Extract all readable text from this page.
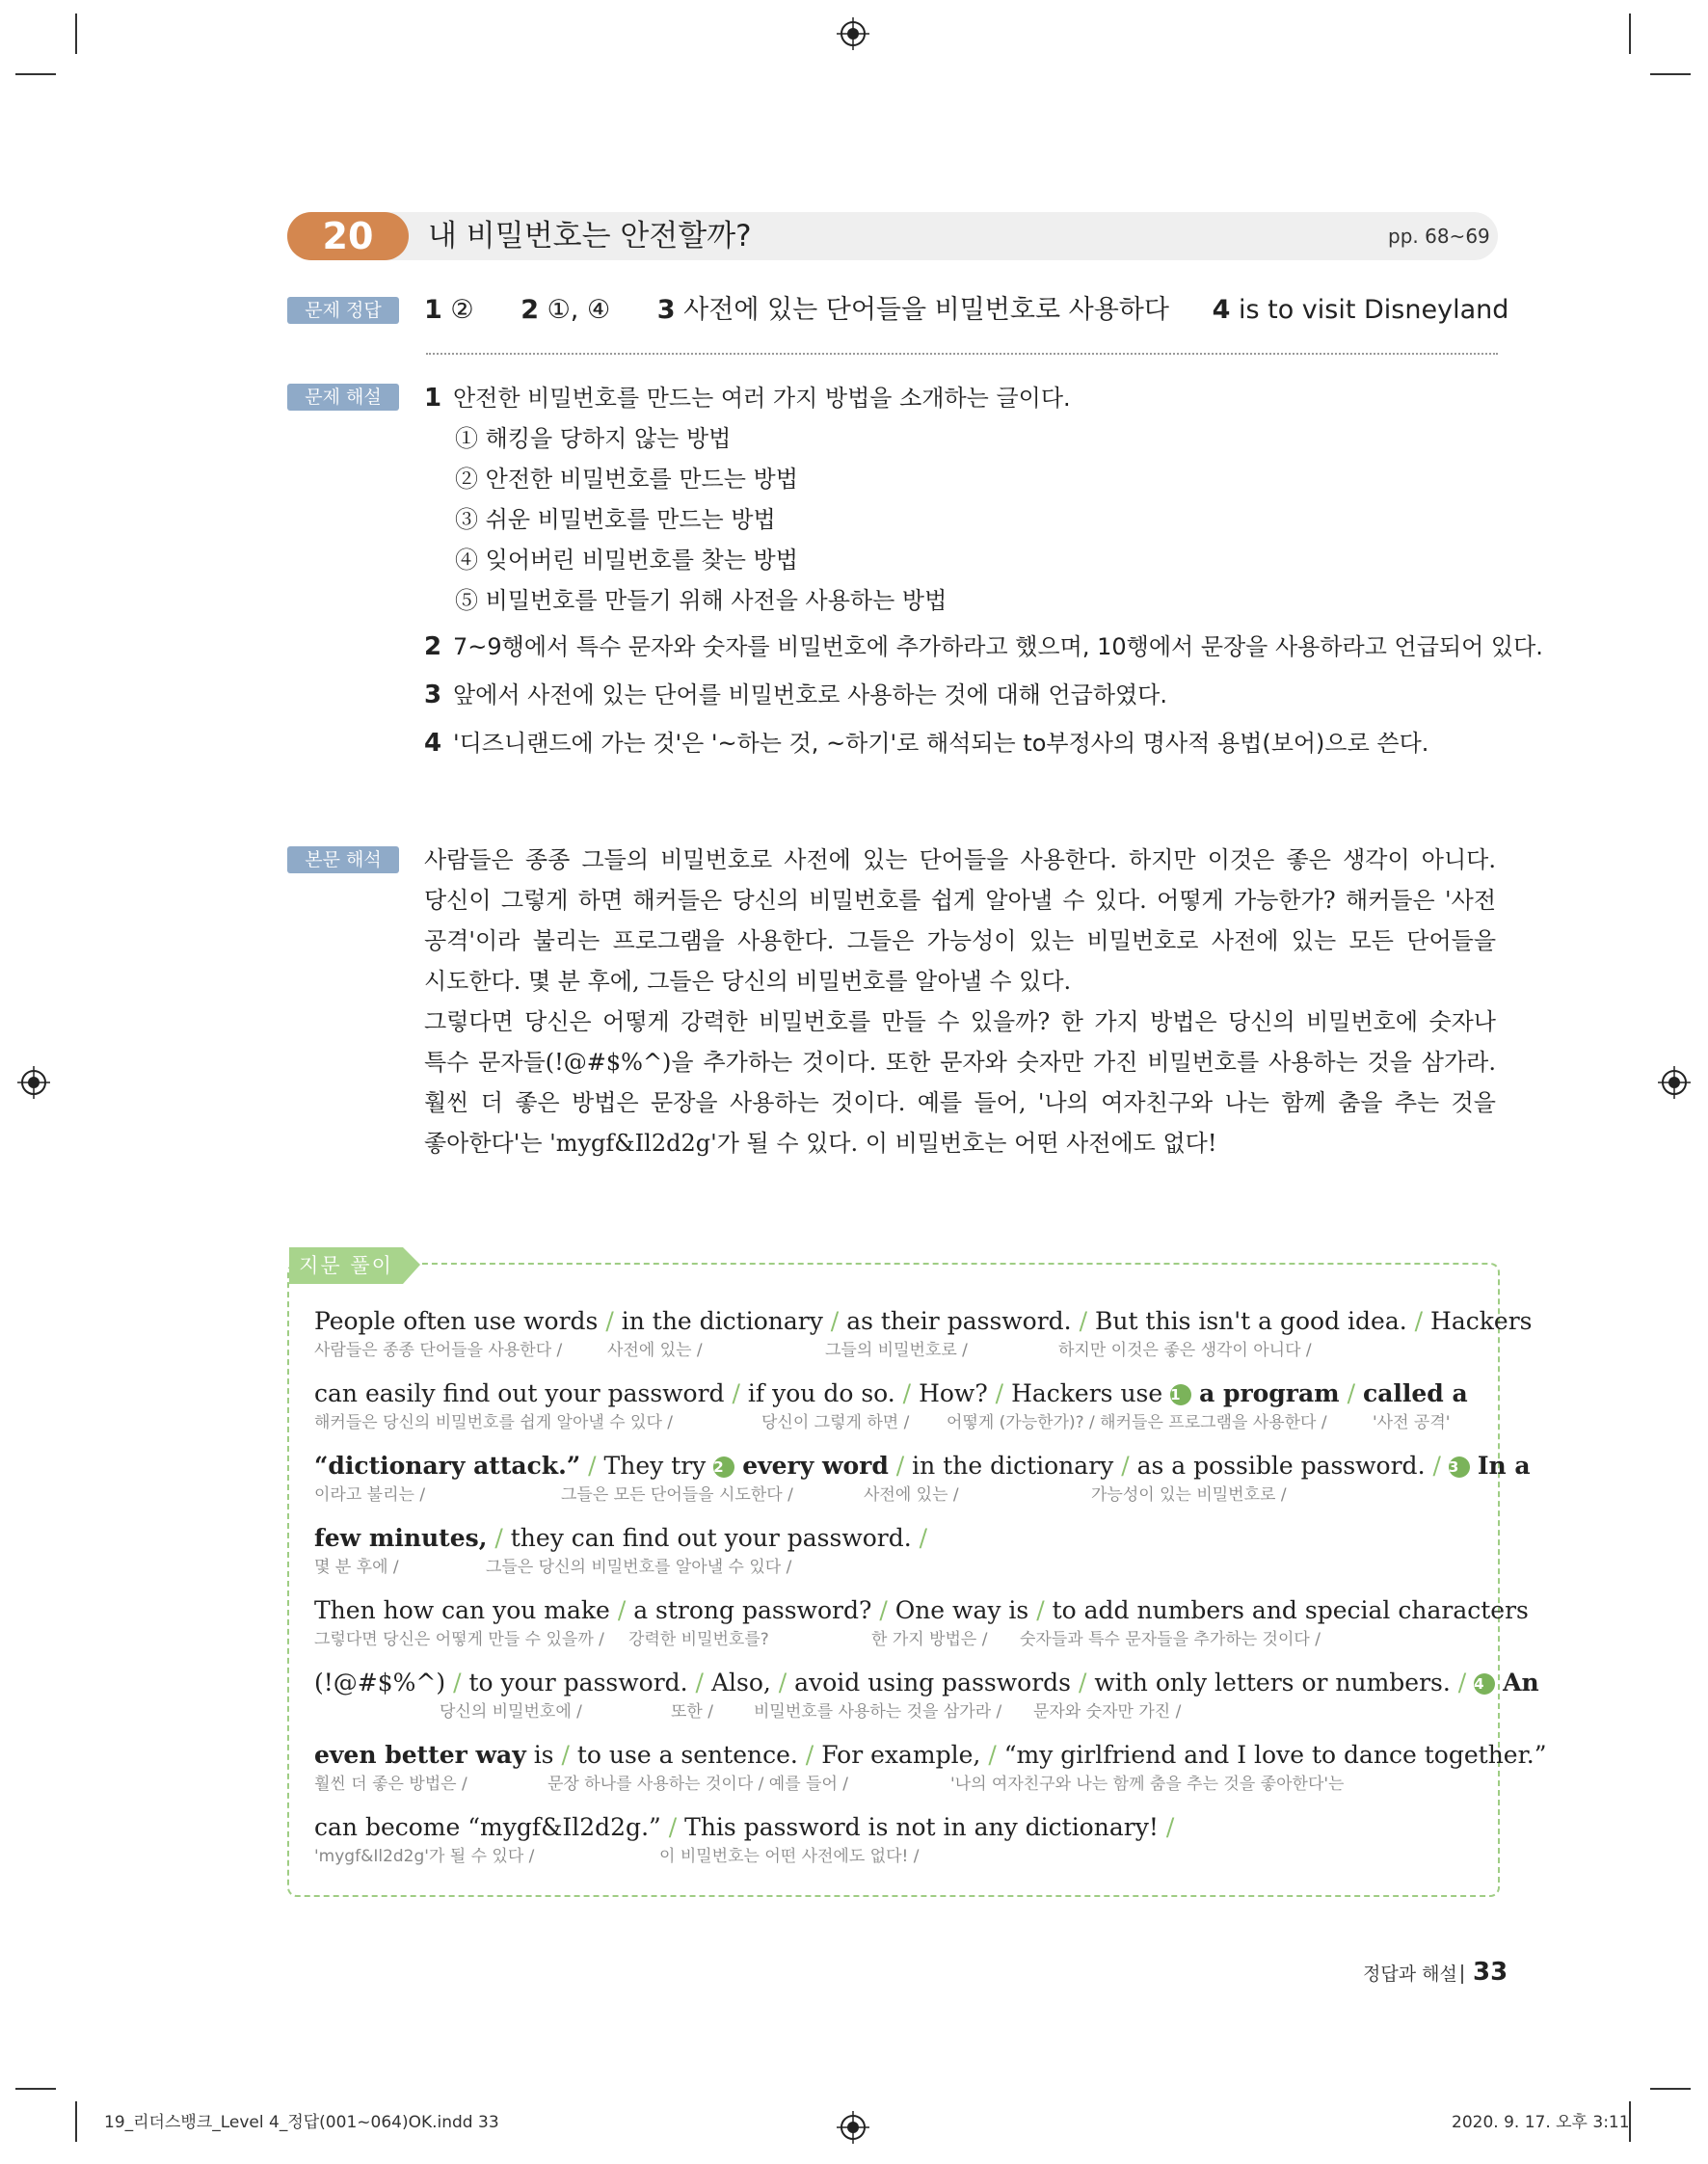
20	내 비밀번호는 안전할까?	pp. 68~69
문제 정답	1 ② 2 ①, ④ 3 사전에 있는 단어들을 비밀번호로 사용하다 4 is to visit Disneyland
문제 해설	1 안전한 비밀번호를 만드는 여러 가지 방법을 소개하는 글이다.
① 해킹을 당하지 않는 방법
② 안전한 비밀번호를 만드는 방법
③ 쉬운 비밀번호를 만드는 방법
④ 잊어버린 비밀번호를 찾는 방법
⑤ 비밀번호를 만들기 위해 사전을 사용하는 방법
2 7~9행에서 특수 문자와 숫자를 비밀번호에 추가하라고 했으며, 10행에서 문장을 사용하라고 언급되어 있다.
3 앞에서 사전에 있는 단어를 비밀번호로 사용하는 것에 대해 언급하였다.
4 '디즈니랜드에 가는 것'은 '~하는 것, ~하기'로 해석되는 to부정사의 명사적 용법(보어)으로 쓴다.
본문 해석	사람들은 종종 그들의 비밀번호로 사전에 있는 단어들을 사용한다. 하지만 이것은 좋은 생각이 아니다.
당신이 그렇게 하면 해커들은 당신의 비밀번호를 쉽게 알아낼 수 있다. 어떻게 가능한가? 해커들은 '사전
공격'이라 불리는 프로그램을 사용한다. 그들은 가능성이 있는 비밀번호로 사전에 있는 모든 단어들을
시도한다. 몇 분 후에, 그들은 당신의 비밀번호를 알아낼 수 있다.
그렇다면 당신은 어떻게 강력한 비밀번호를 만들 수 있을까? 한 가지 방법은 당신의 비밀번호에 숫자나
특수 문자들(!@#$%^)을 추가하는 것이다. 또한 문자와 숫자만 가진 비밀번호를 사용하는 것을 삼가라.
훨씬 더 좋은 방법은 문장을 사용하는 것이다. 예를 들어, '나의 여자친구와 나는 함께 춤을 추는 것을
좋아한다'는 'mygf&Il2d2g'가 될 수 있다. 이 비밀번호는 어떤 사전에도 없다!
지문 풀이
People often use words / in the dictionary / as their password. / But this isn't a good idea. / Hackers
사람들은 종종 단어들을 사용한다 /	사전에 있는 /	그들의 비밀번호로 /	하지만 이것은 좋은 생각이 아니다 /
can easily find out your password / if you do so. / How? / Hackers use 1 a program / called a
해커들은 당신의 비밀번호를 쉽게 알아낼 수 있다 /	당신이 그렇게 하면 / 어떻게 (가능한가)? / 해커들은 프로그램을 사용한다 /	'사전 공격'
“dictionary attack.” / They try 2 every word / in the dictionary / as a possible password. / 3 In a
이라고 불리는 /	그들은 모든 단어들을 시도한다 /	사전에 있는 /	가능성이 있는 비밀번호로 /
few minutes, / they can find out your password. /
몇 분 후에 /	그들은 당신의 비밀번호를 알아낼 수 있다 /
Then how can you make / a strong password? / One way is / to add numbers and special characters
그렇다면 당신은 어떻게 만들 수 있을까 / 강력한 비밀번호를?	한 가지 방법은 / 숫자들과 특수 문자들을 추가하는 것이다 /
(!@#$%^) / to your password. / Also, / avoid using passwords / with only letters or numbers. / 4 An
당신의 비밀번호에 /	또한 / 비밀번호를 사용하는 것을 삼가라 / 문자와 숫자만 가진 /
even better way is / to use a sentence. / For example, / “my girlfriend and I love to dance together.”
훨씬 더 좋은 방법은 /	문장 하나를 사용하는 것이다 / 예를 들어 /	'나의 여자친구와 나는 함께 춤을 추는 것을 좋아한다'는
can become “mygf&Il2d2g.” / This password is not in any dictionary! /
'mygf&Il2d2g'가 될 수 있다 /	이 비밀번호는 어떤 사전에도 없다! /
정답과 해설 33
19_리더스뱅크_Level 4_정답(001~064)OK.indd 33	2020. 9. 17. 오후 3:11
